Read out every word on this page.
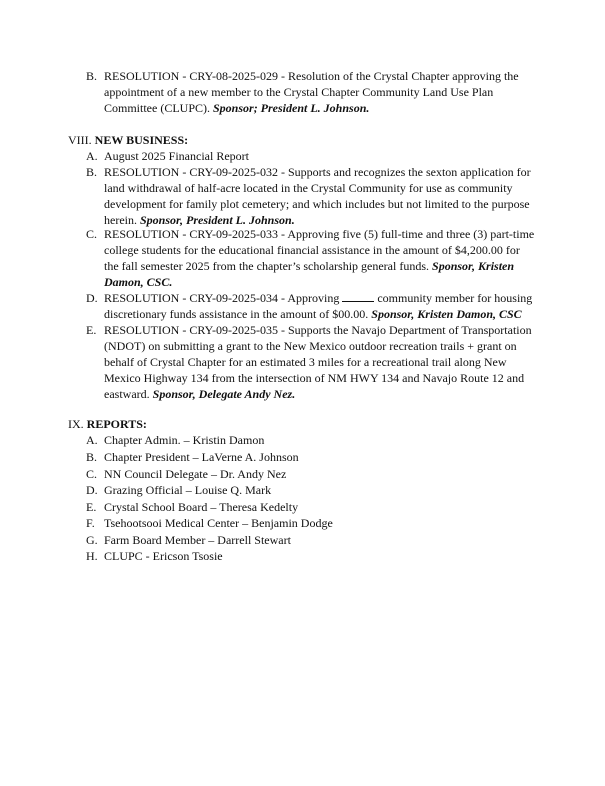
B. RESOLUTION - CRY-08-2025-029 - Resolution of the Crystal Chapter approving the appointment of a new member to the Crystal Chapter Community Land Use Plan Committee (CLUPC). Sponsor; President L. Johnson.
VIII. NEW BUSINESS:
A. August 2025 Financial Report
B. RESOLUTION - CRY-09-2025-032 - Supports and recognizes the sexton application for land withdrawal of half-acre located in the Crystal Community for use as community development for family plot cemetery; and which includes but not limited to the purpose herein. Sponsor, President L. Johnson.
C. RESOLUTION - CRY-09-2025-033 - Approving five (5) full-time and three (3) part-time college students for the educational financial assistance in the amount of $4,200.00 for the fall semester 2025 from the chapter’s scholarship general funds. Sponsor, Kristen Damon, CSC.
D. RESOLUTION - CRY-09-2025-034 - Approving	community member for housing discretionary funds assistance in the amount of $00.00. Sponsor, Kristen Damon, CSC
E. RESOLUTION - CRY-09-2025-035 - Supports the Navajo Department of Transportation (NDOT) on submitting a grant to the New Mexico outdoor recreation trails + grant on behalf of Crystal Chapter for an estimated 3 miles for a recreational trail along New Mexico Highway 134 from the intersection of NM HWY 134 and Navajo Route 12 and eastward. Sponsor, Delegate Andy Nez.
IX. REPORTS:
A. Chapter Admin. – Kristin Damon
B. Chapter President – LaVerne A. Johnson
C. NN Council Delegate – Dr. Andy Nez
D. Grazing Official – Louise Q. Mark
E. Crystal School Board – Theresa Kedelty
F. Tsehootsooi Medical Center – Benjamin Dodge
G. Farm Board Member – Darrell Stewart
H. CLUPC - Ericson Tsosie
